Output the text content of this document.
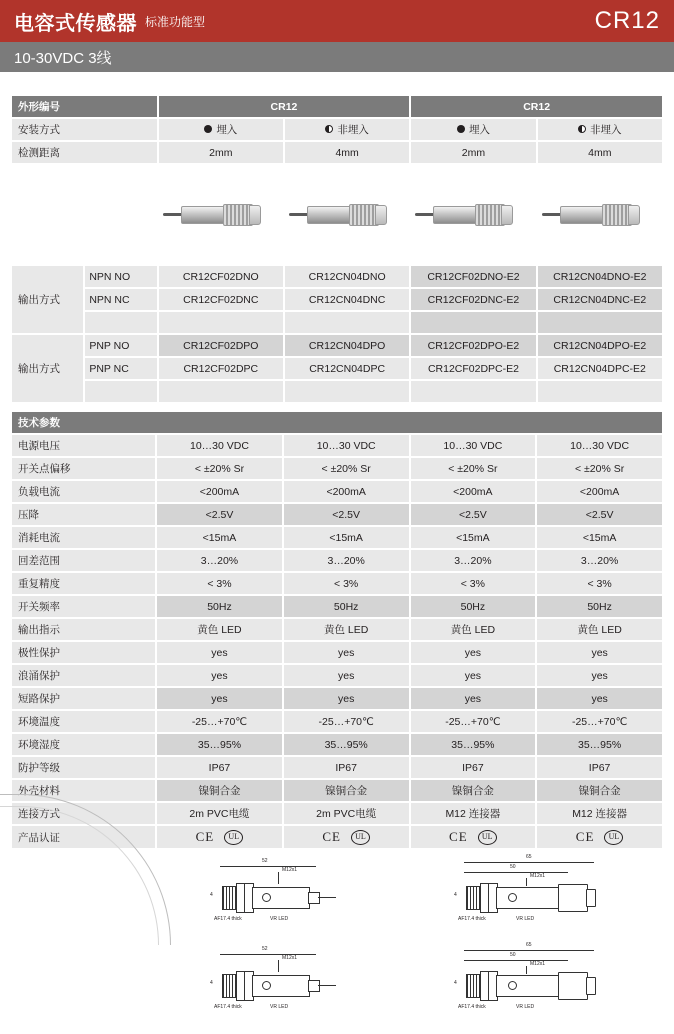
电容式传感器 标准功能型	CR12
10-30VDC 3线
外形编号		CR12		CR12	
安装方式		埋入	非埋入	埋入	非埋入
检测距离		2mm	4mm	2mm	4mm

输出方式	NPN NO	CR12CF02DNO	CR12CN04DNO	CR12CF02DNO-E2	CR12CN04DNO-E2
	NPN NC	CR12CF02DNC	CR12CN04DNC	CR12CF02DNC-E2	CR12CN04DNC-E2

输出方式	PNP NO	CR12CF02DPO	CR12CN04DPO	CR12CF02DPO-E2	CR12CN04DPO-E2
	PNP NC	CR12CF02DPC	CR12CN04DPC	CR12CF02DPC-E2	CR12CN04DPC-E2

技术参数				
电源电压	10…30 VDC	10…30 VDC	10…30 VDC	10…30 VDC
开关点偏移	< ±20% Sr	< ±20% Sr	< ±20% Sr	< ±20% Sr
负载电流	<200mA	<200mA	<200mA	<200mA
压降	<2.5V	<2.5V	<2.5V	<2.5V
消耗电流	<15mA	<15mA	<15mA	<15mA
回差范围	3…20%	3…20%	3…20%	3…20%
重复精度	< 3%	< 3%	< 3%	< 3%
开关频率	50Hz	50Hz	50Hz	50Hz
输出指示	黄色 LED	黄色 LED	黄色 LED	黄色 LED
极性保护	yes	yes	yes	yes
浪涌保护	yes	yes	yes	yes
短路保护	yes	yes	yes	yes
环境温度	-25…+70℃	-25…+70℃	-25…+70℃	-25…+70℃
环境湿度	35…95%	35…95%	35…95%	35…95%
防护等级	IP67	IP67	IP67	IP67
外壳材料	镍铜合金	镍铜合金	镍铜合金	镍铜合金
连接方式	2m PVC电缆	2m PVC电缆	M12 连接器	M12 连接器
产品认证	CE UL	CE UL	CE UL	CE UL
52
M12x1
4
AF17.4 thick	VR LED
52
M12x1
4
AF17.4 thick	VR LED
65
50
M12x1
4
AF17.4 thick	VR LED
65
50
M12x1
4
AF17.4 thick	VR LED
